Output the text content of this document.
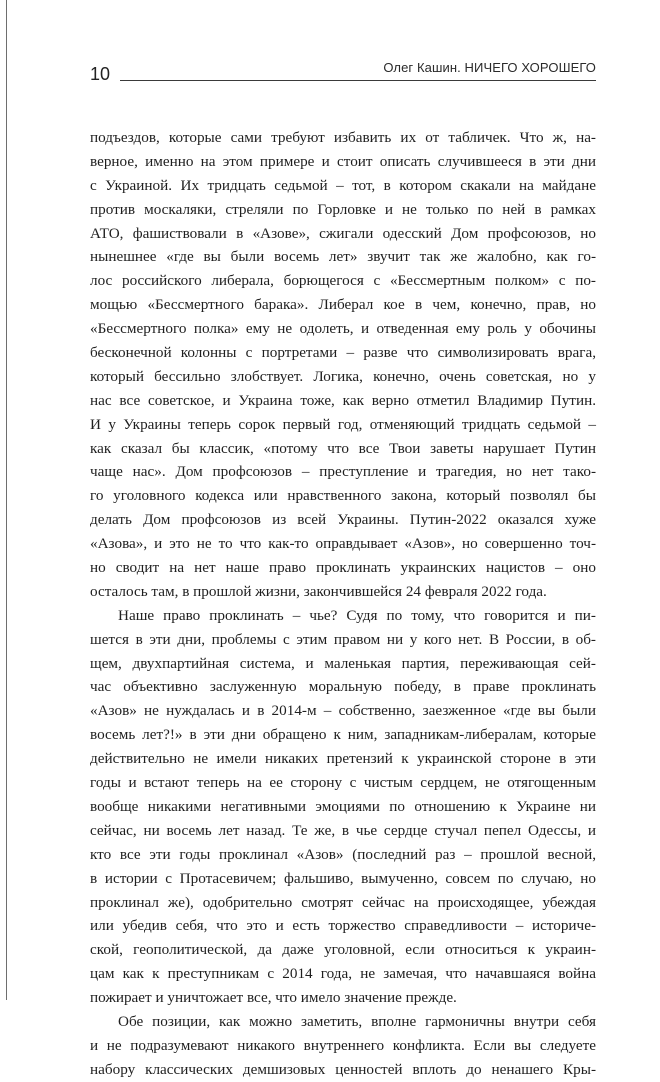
10	Олег Кашин. НИЧЕГО ХОРОШЕГО
подъездов, которые сами требуют избавить их от табличек. Что ж, на-
верное, именно на этом примере и стоит описать случившееся в эти дни
с Украиной. Их тридцать седьмой – тот, в котором скакали на майдане
против москаляки, стреляли по Горловке и не только по ней в рамках
АТО, фашиствовали в «Азове», сжигали одесский Дом профсоюзов, но
нынешнее «где вы были восемь лет» звучит так же жалобно, как го-
лос российского либерала, борющегося с «Бессмертным полком» с по-
мощью «Бессмертного барака». Либерал кое в чем, конечно, прав, но
«Бессмертного полка» ему не одолеть, и отведенная ему роль у обочины
бесконечной колонны с портретами – разве что символизировать врага,
который бессильно злобствует. Логика, конечно, очень советская, но у
нас все советское, и Украина тоже, как верно отметил Владимир Путин.
И у Украины теперь сорок первый год, отменяющий тридцать седьмой –
как сказал бы классик, «потому что все Твои заветы нарушает Путин
чаще нас». Дом профсоюзов – преступление и трагедия, но нет тако-
го уголовного кодекса или нравственного закона, который позволял бы
делать Дом профсоюзов из всей Украины. Путин-2022 оказался хуже
«Азова», и это не то что как-то оправдывает «Азов», но совершенно точ-
но сводит на нет наше право проклинать украинских нацистов – оно
осталось там, в прошлой жизни, закончившейся 24 февраля 2022 года.
Наше право проклинать – чье? Судя по тому, что говорится и пи-
шется в эти дни, проблемы с этим правом ни у кого нет. В России, в об-
щем, двухпартийная система, и маленькая партия, переживающая сей-
час объективно заслуженную моральную победу, в праве проклинать
«Азов» не нуждалась и в 2014-м – собственно, заезженное «где вы были
восемь лет?!» в эти дни обращено к ним, западникам-либералам, которые
действительно не имели никаких претензий к украинской стороне в эти
годы и встают теперь на ее сторону с чистым сердцем, не отягощенным
вообще никакими негативными эмоциями по отношению к Украине ни
сейчас, ни восемь лет назад. Те же, в чье сердце стучал пепел Одессы, и
кто все эти годы проклинал «Азов» (последний раз – прошлой весной,
в истории с Протасевичем; фальшиво, вымученно, совсем по случаю, но
проклинал же), одобрительно смотрят сейчас на происходящее, убеждая
или убедив себя, что это и есть торжество справедливости – историче-
ской, геополитической, да даже уголовной, если относиться к украин-
цам как к преступникам с 2014 года, не замечая, что начавшаяся война
пожирает и уничтожает все, что имело значение прежде.
Обе позиции, как можно заметить, вполне гармоничны внутри себя
и не подразумевают никакого внутреннего конфликта. Если вы следуете
набору классических демшизовых ценностей вплоть до ненашего Кры-
